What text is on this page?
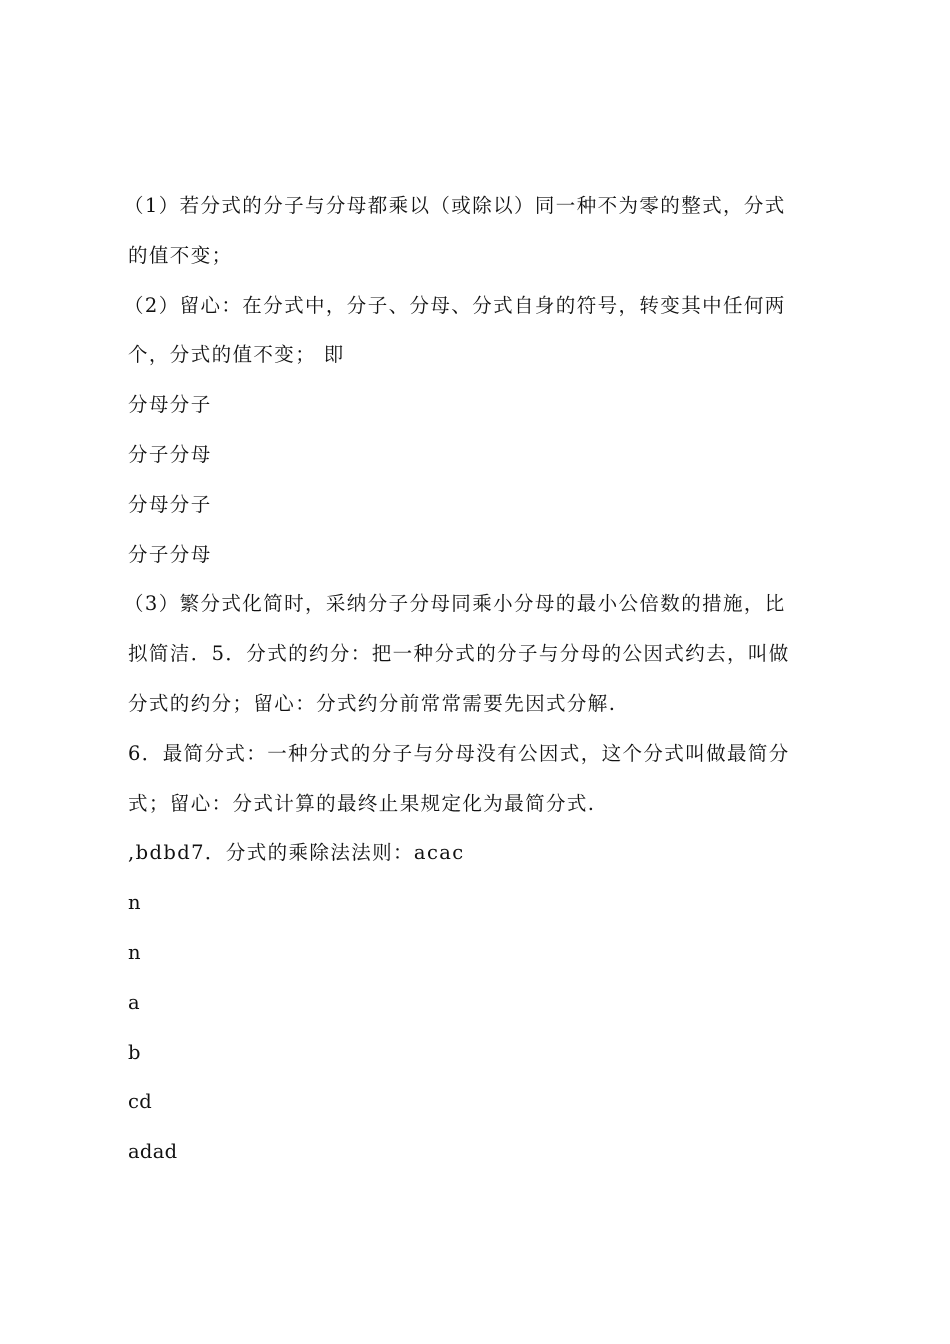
（1）若分式的分子与分母都乘以（或除以）同一种不为零的整式，分式
的值不变；
（2）留心：在分式中，分子、分母、分式自身的符号，转变其中任何两
个，分式的值不变； 即
分母分子
分子分母
分母分子
分子分母
（3）繁分式化简时，采纳分子分母同乘小分母的最小公倍数的措施，比
拟简洁．5．分式的约分：把一种分式的分子与分母的公因式约去，叫做
分式的约分；留心：分式约分前常常需要先因式分解.
6．最简分式：一种分式的分子与分母没有公因式，这个分式叫做最简分
式；留心：分式计算的最终止果规定化为最简分式.
,bdbd7．分式的乘除法法则：acac
n
n
a
b
cd
adad
